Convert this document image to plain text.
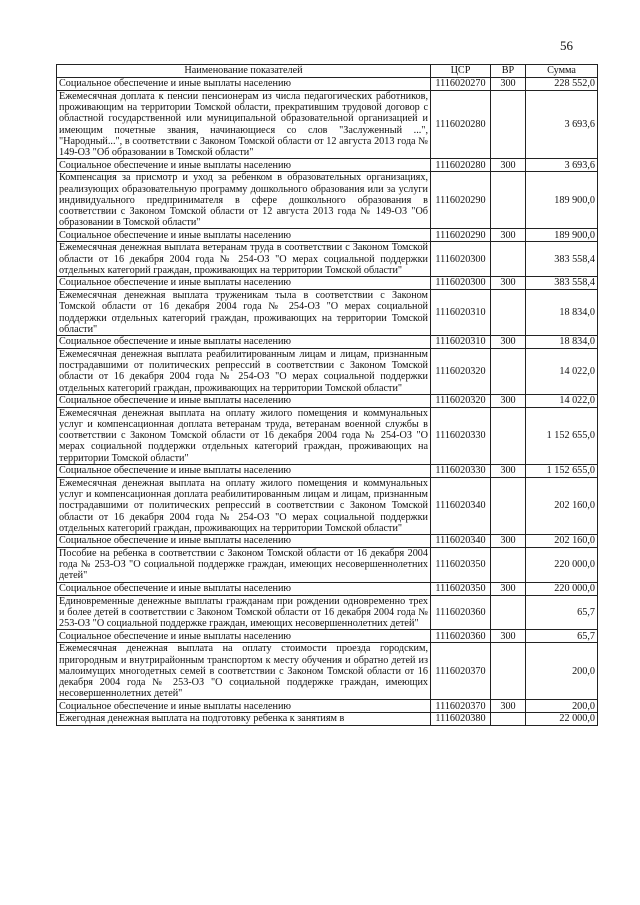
56
Наименование показателей	ЦСР	ВР	Сумма
Социальное обеспечение и иные выплаты населению	1116020270	300	228 552,0
Ежемесячная доплата к пенсии пенсионерам из числа педагогических работников, проживающим на территории Томской области, прекратившим трудовой договор с областной государственной или муниципальной образовательной организацией и имеющим почетные звания, начинающиеся со слов "Заслуженный ...", "Народный...", в соответствии с Законом Томской области от 12 августа 2013 года № 149-ОЗ "Об образовании в Томской области"	1116020280		3 693,6
Социальное обеспечение и иные выплаты населению	1116020280	300	3 693,6
Компенсация за присмотр и уход за ребенком в образовательных организациях, реализующих образовательную программу дошкольного образования или за услуги индивидуального предпринимателя в сфере дошкольного образования в соответствии с Законом Томской области от 12 августа 2013 года № 149-ОЗ "Об образовании в Томской области"	1116020290		189 900,0
Социальное обеспечение и иные выплаты населению	1116020290	300	189 900,0
Ежемесячная денежная выплата ветеранам труда в соответствии с Законом Томской области от 16 декабря 2004 года № 254-ОЗ "О мерах социальной поддержки отдельных категорий граждан, проживающих на территории Томской области"	1116020300		383 558,4
Социальное обеспечение и иные выплаты населению	1116020300	300	383 558,4
Ежемесячная денежная выплата труженикам тыла в соответствии с Законом Томской области от 16 декабря 2004 года № 254-ОЗ "О мерах социальной поддержки отдельных категорий граждан, проживающих на территории Томской области"	1116020310		18 834,0
Социальное обеспечение и иные выплаты населению	1116020310	300	18 834,0
Ежемесячная денежная выплата реабилитированным лицам и лицам, признанным пострадавшими от политических репрессий в соответствии с Законом Томской области от 16 декабря 2004 года № 254-ОЗ "О мерах социальной поддержки отдельных категорий граждан, проживающих на территории Томской области"	1116020320		14 022,0
Социальное обеспечение и иные выплаты населению	1116020320	300	14 022,0
Ежемесячная денежная выплата на оплату жилого помещения и коммунальных услуг и компенсационная доплата ветеранам труда, ветеранам военной службы в соответствии с Законом Томской области от 16 декабря 2004 года № 254-ОЗ "О мерах социальной поддержки отдельных категорий граждан, проживающих на территории Томской области"	1116020330		1 152 655,0
Социальное обеспечение и иные выплаты населению	1116020330	300	1 152 655,0
Ежемесячная денежная выплата на оплату жилого помещения и коммунальных услуг и компенсационная доплата реабилитированным лицам и лицам, признанным пострадавшими от политических репрессий в соответствии с Законом Томской области от 16 декабря 2004 года № 254-ОЗ "О мерах социальной поддержки отдельных категорий граждан, проживающих на территории Томской области"	1116020340		202 160,0
Социальное обеспечение и иные выплаты населению	1116020340	300	202 160,0
Пособие на ребенка в соответствии с Законом Томской области от 16 декабря 2004 года № 253-ОЗ "О социальной поддержке граждан, имеющих несовершеннолетних детей"	1116020350		220 000,0
Социальное обеспечение и иные выплаты населению	1116020350	300	220 000,0
Единовременные денежные выплаты гражданам при рождении одновременно трех и более детей в соответствии с Законом Томской области от 16 декабря 2004 года № 253-ОЗ "О социальной поддержке граждан, имеющих несовершеннолетних детей"	1116020360		65,7
Социальное обеспечение и иные выплаты населению	1116020360	300	65,7
Ежемесячная денежная выплата на оплату стоимости проезда городским, пригородным и внутрирайонным транспортом к месту обучения и обратно детей из малоимущих многодетных семей в соответствии с Законом Томской области от 16 декабря 2004 года № 253-ОЗ "О социальной поддержке граждан, имеющих несовершеннолетних детей"	1116020370		200,0
Социальное обеспечение и иные выплаты населению	1116020370	300	200,0
Ежегодная денежная выплата на подготовку ребенка к занятиям в	1116020380		22 000,0
